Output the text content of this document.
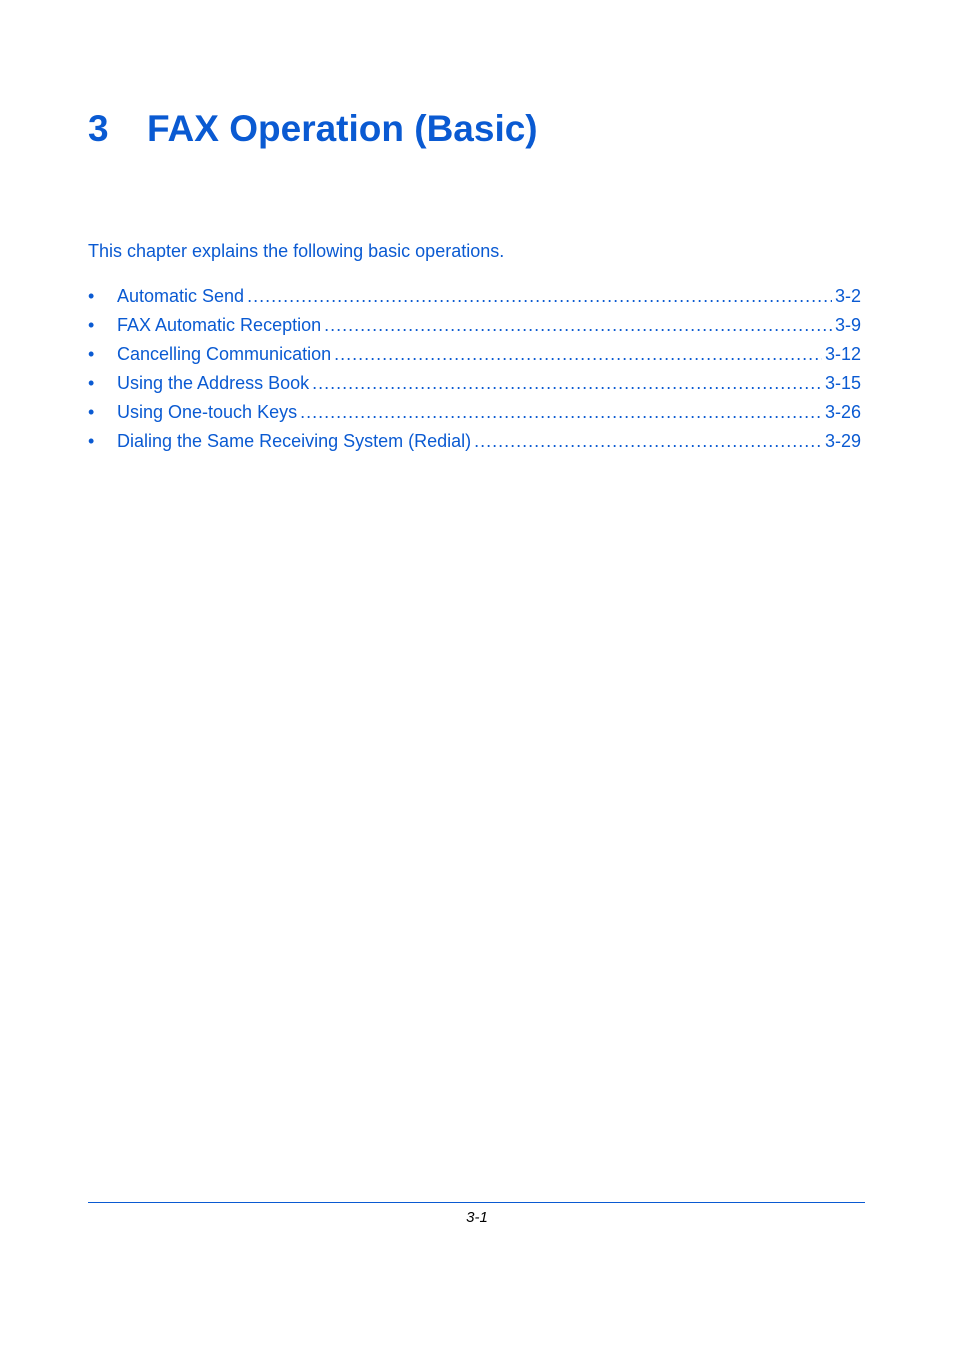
3 FAX Operation (Basic)

This chapter explains the following basic operations.

•	Automatic Send .....	3-2
•	FAX Automatic Reception .....	3-9
•	Cancelling Communication .....	3-12
•	Using the Address Book .....	3-15
•	Using One-touch Keys .....	3-26
•	Dialing the Same Receiving System (Redial) .....	3-29
3-1
